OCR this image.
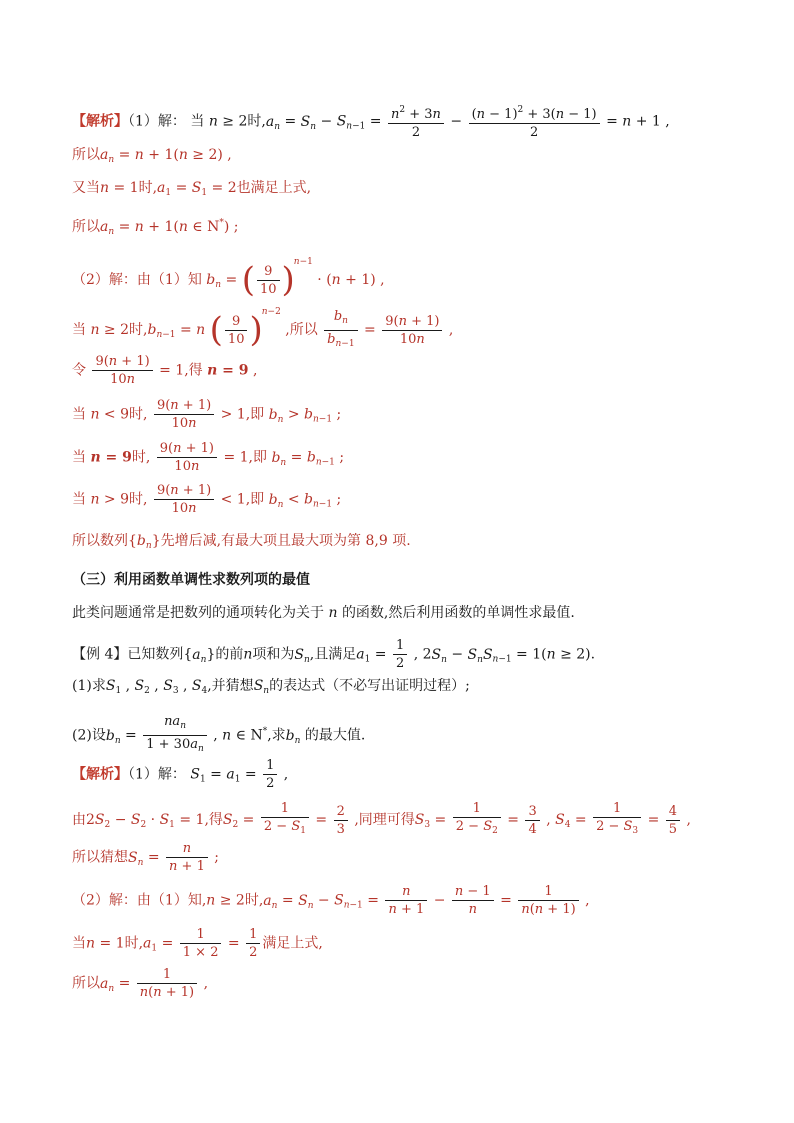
【解析】（1）解： 当 n ≥ 2时$,a_n = S_n - S_{n-1} = \frac{n^2 + 3n}{2} - \frac{(n - 1)^2 + 3(n - 1)}{2} = n + 1$ ,
所以$a_n = n + 1(n \ge 2)$ ,
又当n = 1时$,a_1 = S_1 = 2$也满足上式,
所以$a_n = n + 1(n$ ∈ N*) ;
（2）解：由（1）知 $b_n$ = ( $\frac{9}{10} )^{n-1} \cdot (n + 1)$ ,
当 n ≥ 2时$,b_{n-1} = n$ ( $\frac{9}{10} )^{n-2}$ ,所以 $\frac{b_n}{b_{n-1}} = \frac{9(n + 1)}{10n}$ ,
令 $\frac{9(n + 1)}{10n} = 1$,得 n = 9 ,
当 n < 9时, $\frac{9(n + 1)}{10n} > 1$,即 $b_n > b_{n-1}$ ;
当 n = 9时, $\frac{9(n + 1)}{10n} = 1$,即 $b_n = b_{n-1}$ ;
当 n > 9时, $\frac{9(n + 1)}{10n} < 1$,即 $b_n < b_{n-1}$ ;
所以数列$\{b_n\}$先增后减,有最大项且最大项为第 8,9 项.
（三）利用函数单调性求数列项的最值
此类问题通常是把数列的通项转化为关于 n 的函数,然后利用函数的单调性求最值.
【例 4】已知数列$\{a_n\}$的前n项和为$S_n$,且满足$a_1 = \frac{1}{2}$ , $2S_n - S_nS_{n-1} = 1(n \ge 2)$.
(1)求$S_1$ , $S_2$ , $S_3$ , $S_4$,并猜想$S_n$的表达式（不必写出证明过程）;
(2)设$b_n = \frac{na_n}{1 + 30a_n}$ , n ∈ N*,求$b_n$ 的最大值.
【解析】（1）解： $S_1 = a_1 = \frac{1}{2}$ ,
由$2S_2 - S_2 \cdot S_1 = 1$,得$S_2 = \frac{1}{2 - S_1} = \frac{2}{3}$ ,同理可得$S_3 = \frac{1}{2 - S_2} = \frac{3}{4}$ , $S_4 = \frac{1}{2 - S_3} = \frac{4}{5}$ ,
所以猜想$S_n = \frac{n}{n + 1}$ ;
（2）解：由（1）知,n ≥ 2时$,a_n = S_n - S_{n-1} = \frac{n}{n + 1} - \frac{n - 1}{n} = \frac{1}{n(n + 1)}$ ,
当n = 1时$,a_1 = \frac{1}{1 \times 2} = \frac{1}{2}$ 满足上式,
所以$a_n = \frac{1}{n(n + 1)}$ ,
